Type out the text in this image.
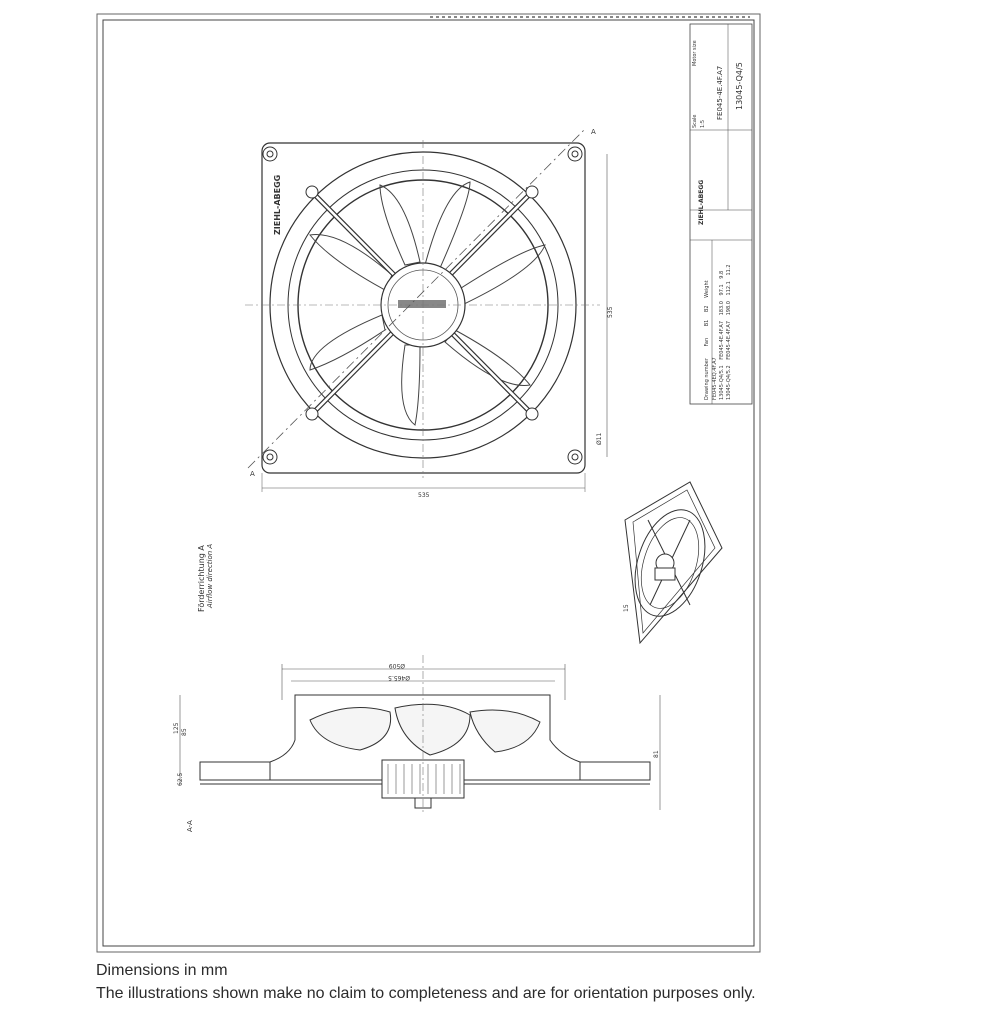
A
A
ZIEHL-ABEGG
535
535
Ø11
Förderrichtung A Airflow direction A
15
Ø509
Ø465.5
125 85
62.5
81
A-A
Drawing number Fan B1 B2 Weight
FE045-4EQ.4F.A7 13045-Q4/5.1 FE045-4E.4F.A7 183.0 97.1 9.8
13045-Q4/5.2 FE045-4E.4F.A7 198.0 112.1 11.2
ZIEHL-ABEGG
13045-Q4/5
FE045-4E.4F.A7
Scale 1:5
Motor size
Dimensions in mm
The illustrations shown make no claim to completeness and are for orientation purposes only.
